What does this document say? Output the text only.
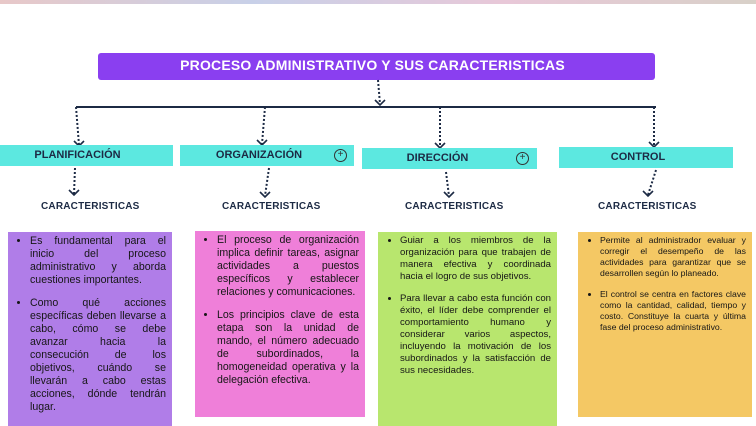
PROCESO ADMINISTRATIVO Y SUS CARACTERISTICAS
PLANIFICACIÓN	ORGANIZACIÓN	+	DIRECCIÓN	+	CONTROL
CARACTERISTICAS	CARACTERISTICAS	CARACTERISTICAS	CARACTERISTICAS
• Es fundamental para el inicio del proceso administrativo y aborda cuestiones importantes.
• Como qué acciones específicas deben llevarse a cabo, cómo se debe avanzar hacia la consecución de los objetivos, cuándo se llevarán a cabo estas acciones, dónde tendrán lugar.
• El proceso de organización implica definir tareas, asignar actividades a puestos específicos y establecer relaciones y comunicaciones.
• Los principios clave de esta etapa son la unidad de mando, el número adecuado de subordinados, la homogeneidad operativa y la delegación efectiva.
• Guiar a los miembros de la organización para que trabajen de manera efectiva y coordinada hacia el logro de sus objetivos.
• Para llevar a cabo esta función con éxito, el líder debe comprender el comportamiento humano y considerar varios aspectos, incluyendo la motivación de los subordinados y la satisfacción de sus necesidades.
• Permite al administrador evaluar y corregir el desempeño de las actividades para garantizar que se desarrollen según lo planeado.
• El control se centra en factores clave como la cantidad, calidad, tiempo y costo. Constituye la cuarta y última fase del proceso administrativo.
